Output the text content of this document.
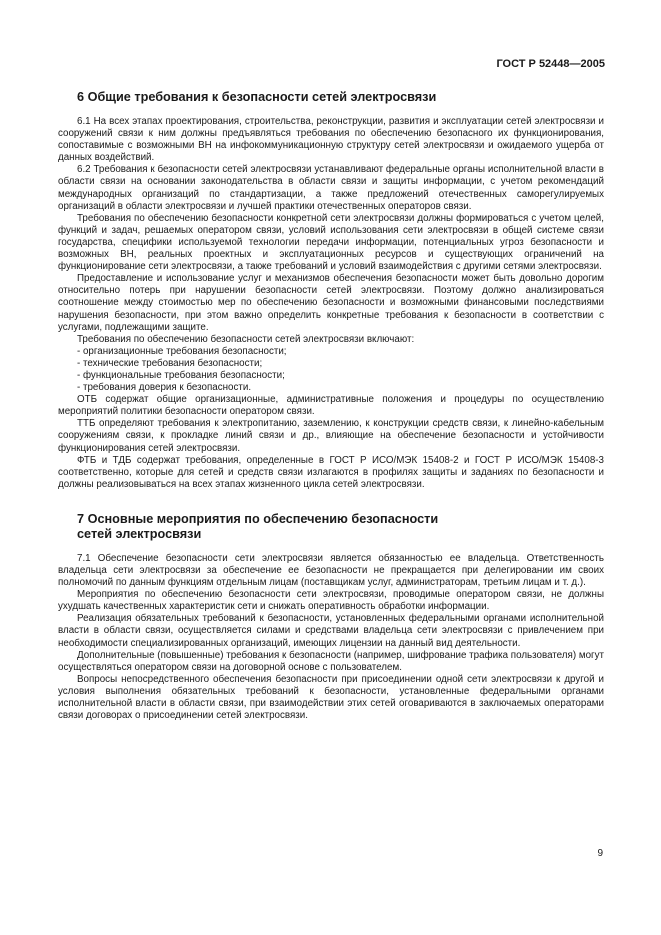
ГОСТ Р 52448—2005
6 Общие требования к безопасности сетей электросвязи

6.1 На всех этапах проектирования, строительства, реконструкции, развития и эксплуатации сетей электросвязи и сооружений связи к ним должны предъявляться требования по обеспечению безопасного их функционирования, сопоставимые с возможными ВН на инфокоммуникационную структуру сетей электросвязи и ожидаемого ущерба от данных воздействий.

6.2 Требования к безопасности сетей электросвязи устанавливают федеральные органы исполнительной власти в области связи на основании законодательства в области связи и защиты информации, с учетом рекомендаций международных организаций по стандартизации, а также предложений отечественных саморегулируемых организаций в области электросвязи и лучшей практики отечественных операторов связи.

Требования по обеспечению безопасности конкретной сети электросвязи должны формироваться с учетом целей, функций и задач, решаемых оператором связи, условий использования сети электросвязи в общей системе связи государства, специфики используемой технологии передачи информации, потенциальных угроз безопасности и возможных ВН, реальных проектных и эксплуатационных ресурсов и существующих ограничений на функционирование сети электросвязи, а также требований и условий взаимодействия с другими сетями электросвязи.

Предоставление и использование услуг и механизмов обеспечения безопасности может быть довольно дорогим относительно потерь при нарушении безопасности сетей электросвязи. Поэтому должно анализироваться соотношение между стоимостью мер по обеспечению безопасности и возможными финансовыми последствиями нарушения безопасности, при этом важно определить конкретные требования к безопасности в соответствии с услугами, подлежащими защите.

Требования по обеспечению безопасности сетей электросвязи включают:

- организационные требования безопасности;
- технические требования безопасности;
- функциональные требования безопасности;
- требования доверия к безопасности.

ОТБ содержат общие организационные, административные положения и процедуры по осуществлению мероприятий политики безопасности оператором связи.

ТТБ определяют требования к электропитанию, заземлению, к конструкции средств связи, к линейно-кабельным сооружениям связи, к прокладке линий связи и др., влияющие на обеспечение безопасности и устойчивости функционирования сетей электросвязи.

ФТБ и ТДБ содержат требования, определенные в ГОСТ Р ИСО/МЭК 15408-2 и ГОСТ Р ИСО/МЭК 15408-3 соответственно, которые для сетей и средств связи излагаются в профилях защиты и заданиях по безопасности и должны реализовываться на всех этапах жизненного цикла сетей электросвязи.

7 Основные мероприятия по обеспечению безопасности
сетей электросвязи

7.1 Обеспечение безопасности сети электросвязи является обязанностью ее владельца. Ответственность владельца сети электросвязи за обеспечение ее безопасности не прекращается при делегировании им своих полномочий по данным функциям отдельным лицам (поставщикам услуг, администраторам, третьим лицам и т. д.).

Мероприятия по обеспечению безопасности сети электросвязи, проводимые оператором связи, не должны ухудшать качественных характеристик сети и снижать оперативность обработки информации.

Реализация обязательных требований к безопасности, установленных федеральными органами исполнительной власти в области связи, осуществляется силами и средствами владельца сети электросвязи с привлечением при необходимости специализированных организаций, имеющих лицензии на данный вид деятельности.

Дополнительные (повышенные) требования к безопасности (например, шифрование трафика пользователя) могут осуществляться оператором связи на договорной основе с пользователем.

Вопросы непосредственного обеспечения безопасности при присоединении одной сети электросвязи к другой и условия выполнения обязательных требований к безопасности, установленные федеральными органами исполнительной власти в области связи, при взаимодействии этих сетей оговариваются в заключаемых операторами связи договорах о присоединении сетей электросвязи.

9
